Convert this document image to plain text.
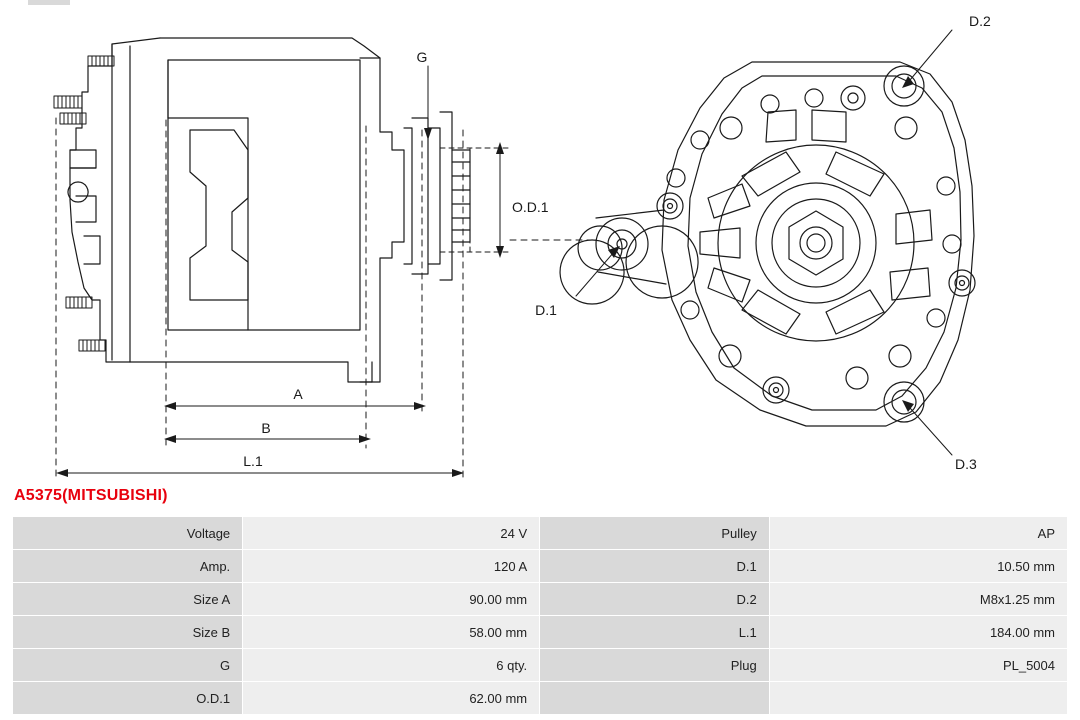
G
O.D.1
A
B
L.1
D.1
D.2
D.3
A5375(MITSUBISHI)
Voltage	24 V	Pulley	AP
Amp.	120 A	D.1	10.50 mm
Size A	90.00 mm	D.2	M8x1.25 mm
Size B	58.00 mm	L.1	184.00 mm
G	6 qty.	Plug	PL_5004
O.D.1	62.00 mm		
